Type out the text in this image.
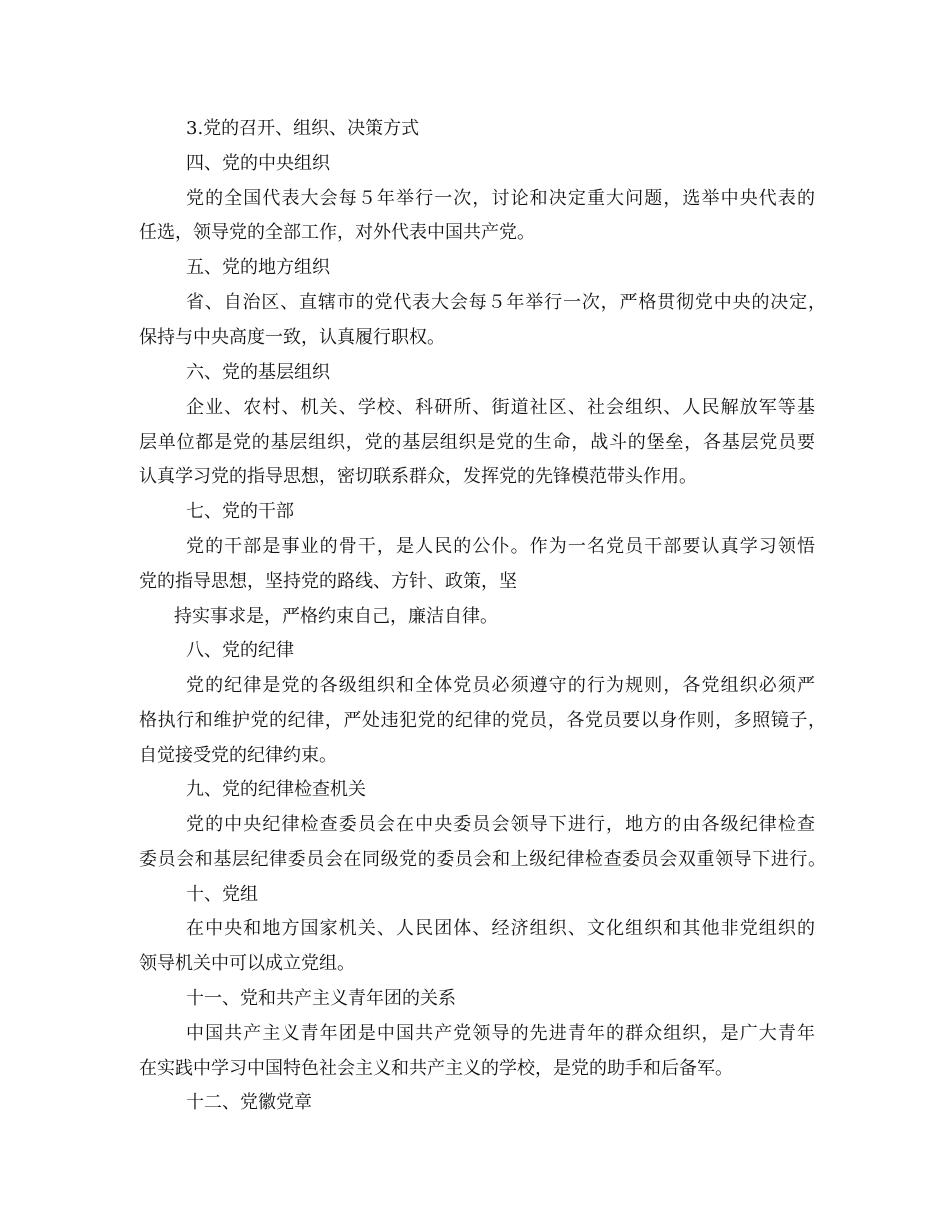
3.党的召开、组织、决策方式
四、党的中央组织
党的全国代表大会每５年举行一次，讨论和决定重大问题，选举中央代表的
任选，领导党的全部工作，对外代表中国共产党。
五、党的地方组织
省、自治区、直辖市的党代表大会每５年举行一次，严格贯彻党中央的决定，
保持与中央高度一致，认真履行职权。
六、党的基层组织
企业、农村、机关、学校、科研所、街道社区、社会组织、人民解放军等基
层单位都是党的基层组织，党的基层组织是党的生命，战斗的堡垒，各基层党员要
认真学习党的指导思想，密切联系群众，发挥党的先锋模范带头作用。
七、党的干部
党的干部是事业的骨干，是人民的公仆。作为一名党员干部要认真学习领悟
党的指导思想，坚持党的路线、方针、政策，坚
持实事求是，严格约束自己，廉洁自律。
八、党的纪律
党的纪律是党的各级组织和全体党员必须遵守的行为规则，各党组织必须严
格执行和维护党的纪律，严处违犯党的纪律的党员，各党员要以身作则，多照镜子，
自觉接受党的纪律约束。
九、党的纪律检查机关
党的中央纪律检查委员会在中央委员会领导下进行，地方的由各级纪律检查
委员会和基层纪律委员会在同级党的委员会和上级纪律检查委员会双重领导下进行。
十、党组
在中央和地方国家机关、人民团体、经济组织、文化组织和其他非党组织的
领导机关中可以成立党组。
十一、党和共产主义青年团的关系
中国共产主义青年团是中国共产党领导的先进青年的群众组织，是广大青年
在实践中学习中国特色社会主义和共产主义的学校，是党的助手和后备军。
十二、党徽党章
